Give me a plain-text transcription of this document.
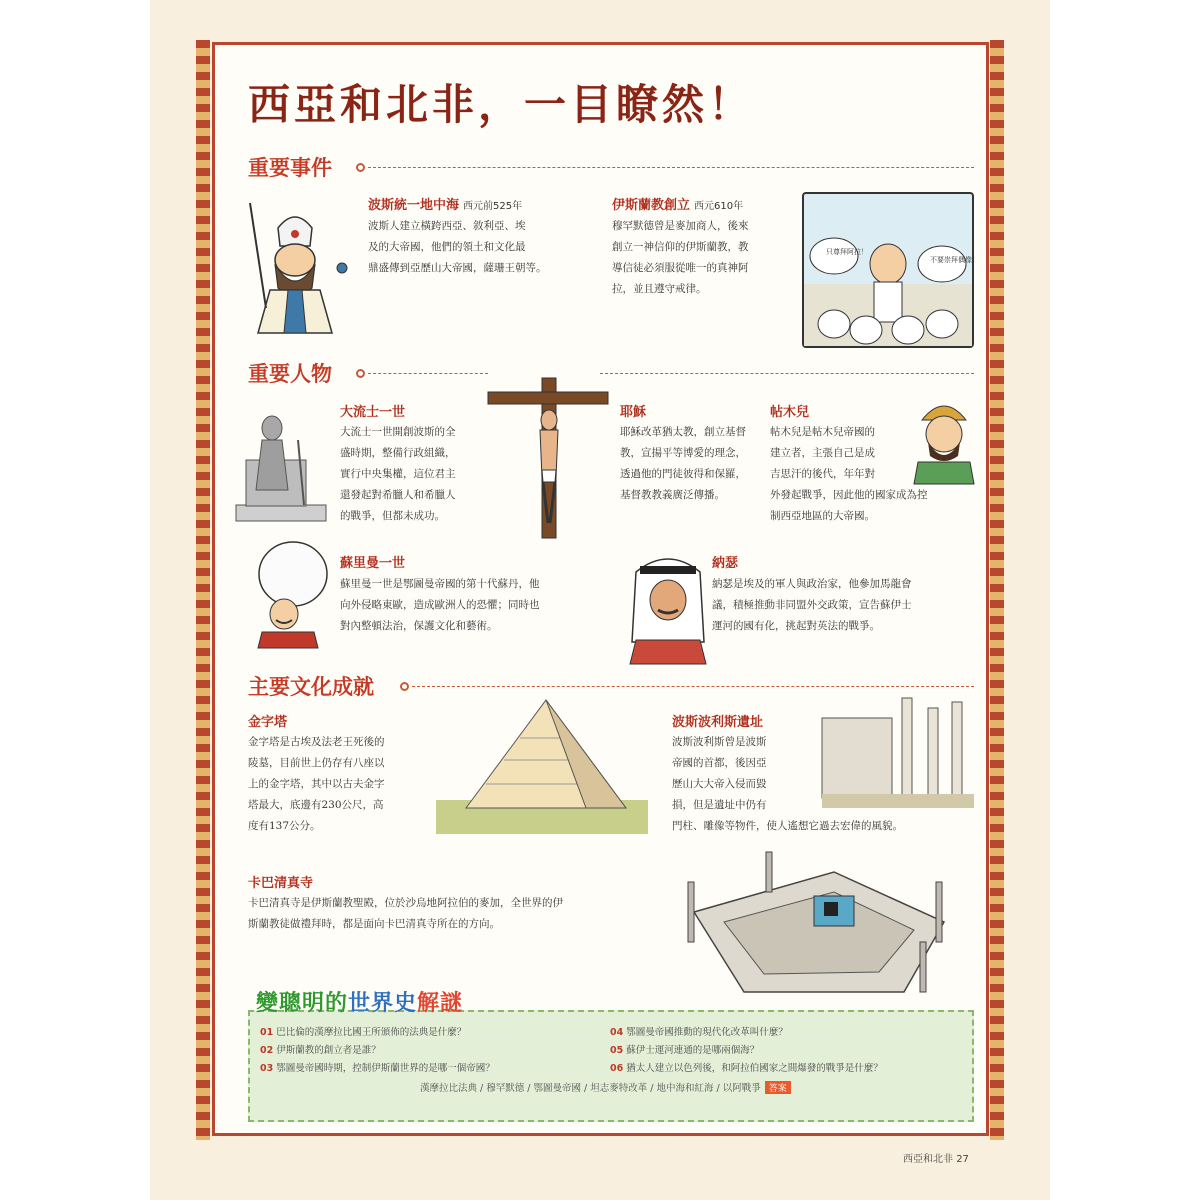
西亞和北非，一目瞭然！
重要事件
波斯統一地中海 西元前525年
波斯人建立橫跨西亞、敘利亞、埃
及的大帝國，他們的領土和文化最
鼎盛傳到亞歷山大帝國，薩珊王朝等。
伊斯蘭教創立 西元610年
穆罕默德曾是麥加商人，後來
創立一神信仰的伊斯蘭教，教
導信徒必須服從唯一的真神阿
拉，並且遵守戒律。
只尊拜阿拉！
不要崇拜偶像！
重要人物
大流士一世
大流士一世開創波斯的全
盛時期，整備行政組織，
實行中央集權，這位君主
還發起對希臘人和希臘人
的戰爭，但都未成功。
耶穌
耶穌改革猶太教，創立基督
教，宣揚平等博愛的理念，
透過他的門徒彼得和保羅，
基督教教義廣泛傳播。
帖木兒
帖木兒是帖木兒帝國的
建立者，主張自己是成
吉思汗的後代，年年對
外發起戰爭，因此他的國家成為控
制西亞地區的大帝國。
蘇里曼一世
蘇里曼一世是鄂圖曼帝國的第十代蘇丹，他
向外侵略東歐，造成歐洲人的恐懼；同時也
對內整頓法治，保護文化和藝術。
納瑟
納瑟是埃及的軍人與政治家，他參加馬龍會
議，積極推動非同盟外交政策，宣告蘇伊士
運河的國有化，挑起對英法的戰爭。
主要文化成就
金字塔
金字塔是古埃及法老王死後的
陵墓，目前世上仍存有八座以
上的金字塔，其中以古夫金字
塔最大，底邊有230公尺，高
度有137公分。
波斯波利斯遺址
波斯波利斯曾是波斯
帝國的首都，後因亞
歷山大大帝入侵而毀
損，但是遺址中仍有
門柱、雕像等物件，使人遙想它過去宏偉的風貌。
卡巴清真寺
卡巴清真寺是伊斯蘭教聖殿，位於沙烏地阿拉伯的麥加，全世界的伊
斯蘭教徒做禮拜時，都是面向卡巴清真寺所在的方向。
變聰明的世界史解謎
01 巴比倫的漢摩拉比國王所頒佈的法典是什麼？
02 伊斯蘭教的創立者是誰？
03 鄂圖曼帝國時期，控制伊斯蘭世界的是哪一個帝國？
04 鄂圖曼帝國推動的現代化改革叫什麼？
05 蘇伊士運河連通的是哪兩個海？
06 猶太人建立以色列後，和阿拉伯國家之間爆發的戰爭是什麼？
漢摩拉比法典 / 穆罕默德 / 鄂圖曼帝國 / 坦志麥特改革 / 地中海和紅海 / 以阿戰爭 答案
西亞和北非 27
